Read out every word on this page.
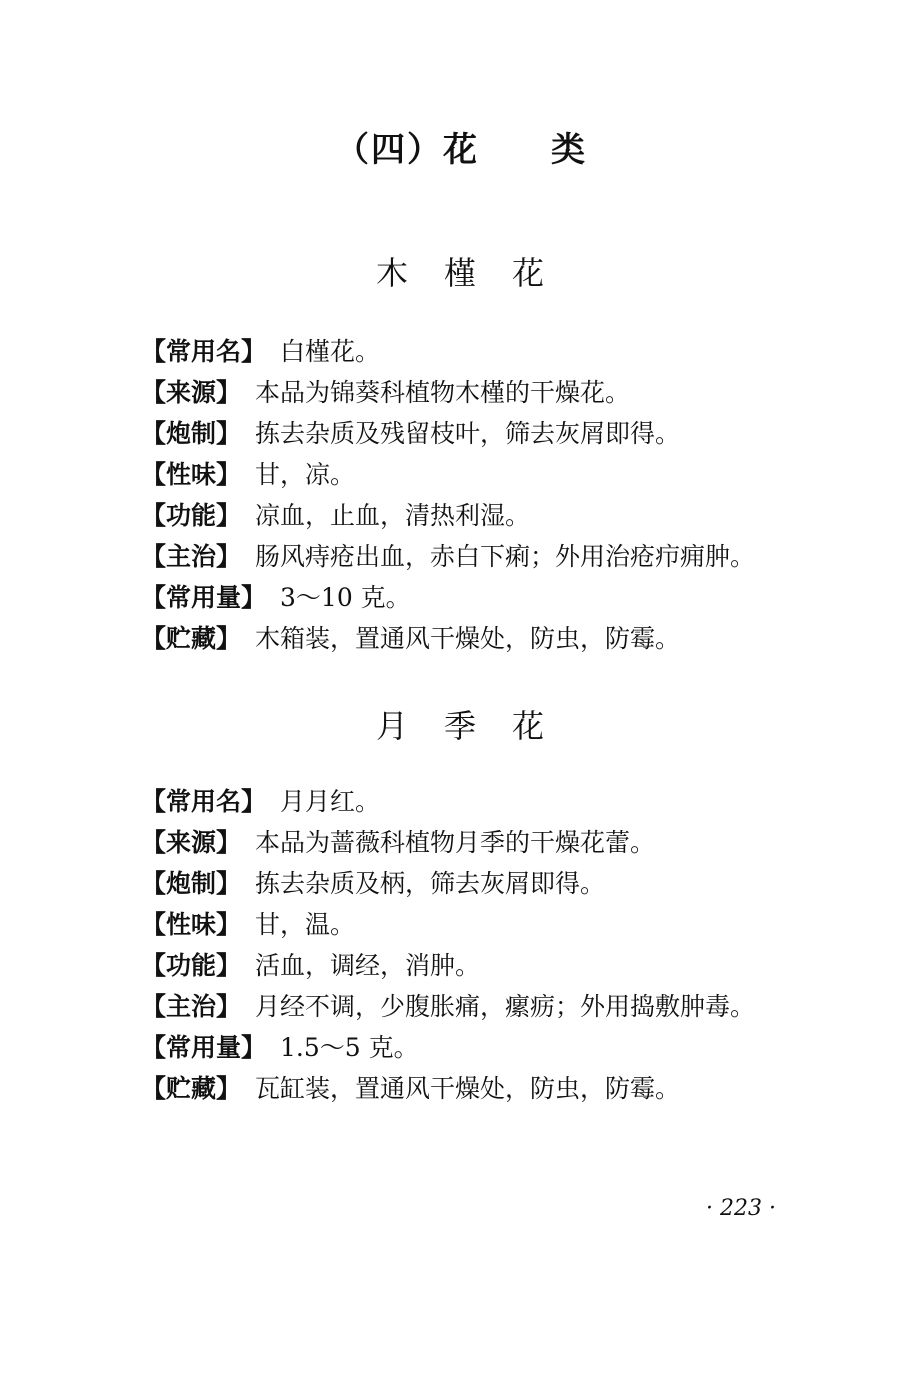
（四）花　　类
木　槿　花
【常用名】 白槿花。
【来源】 本品为锦葵科植物木槿的干燥花。
【炮制】 拣去杂质及残留枝叶，筛去灰屑即得。
【性味】 甘，凉。
【功能】 凉血，止血，清热利湿。
【主治】 肠风痔疮出血，赤白下痢；外用治疮疖痈肿。
【常用量】 3～10 克。
【贮藏】 木箱装，置通风干燥处，防虫，防霉。
月　季　花
【常用名】 月月红。
【来源】 本品为蔷薇科植物月季的干燥花蕾。
【炮制】 拣去杂质及柄，筛去灰屑即得。
【性味】 甘，温。
【功能】 活血，调经，消肿。
【主治】 月经不调，少腹胀痛，瘰疬；外用捣敷肿毒。
【常用量】 1.5～5 克。
【贮藏】 瓦缸装，置通风干燥处，防虫，防霉。
· 223 ·
